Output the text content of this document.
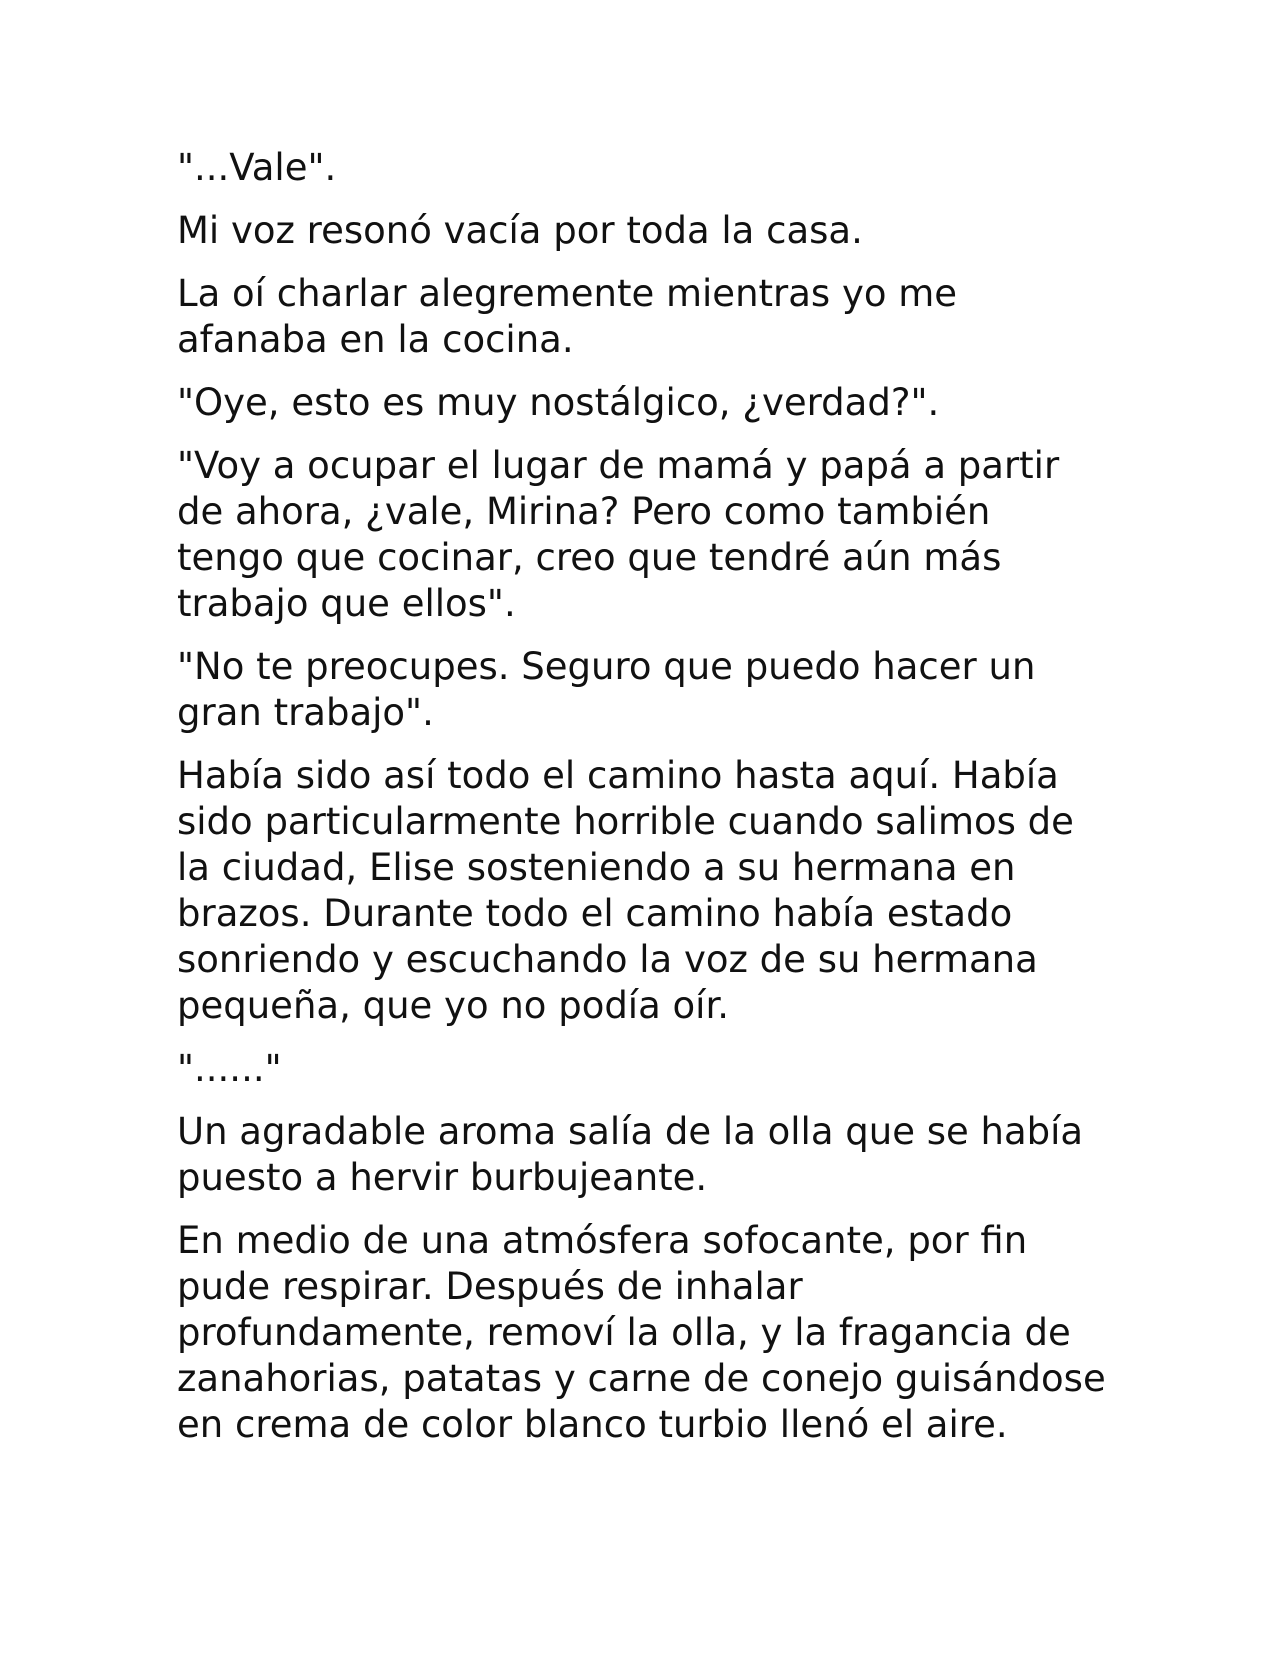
"...Vale".

Mi voz resonó vacía por toda la casa.

La oí charlar alegremente mientras yo me afanaba en la cocina.

"Oye, esto es muy nostálgico, ¿verdad?".

"Voy a ocupar el lugar de mamá y papá a partir de ahora, ¿vale, Mirina? Pero como también tengo que cocinar, creo que tendré aún más trabajo que ellos".

"No te preocupes. Seguro que puedo hacer un gran trabajo".

Había sido así todo el camino hasta aquí. Había sido particularmente horrible cuando salimos de la ciudad, Elise sosteniendo a su hermana en brazos. Durante todo el camino había estado sonriendo y escuchando la voz de su hermana pequeña, que yo no podía oír.

"......"

Un agradable aroma salía de la olla que se había puesto a hervir burbujeante.

En medio de una atmósfera sofocante, por fin pude respirar. Después de inhalar profundamente, removí la olla, y la fragancia de zanahorias, patatas y carne de conejo guisándose en crema de color blanco turbio llenó el aire.
